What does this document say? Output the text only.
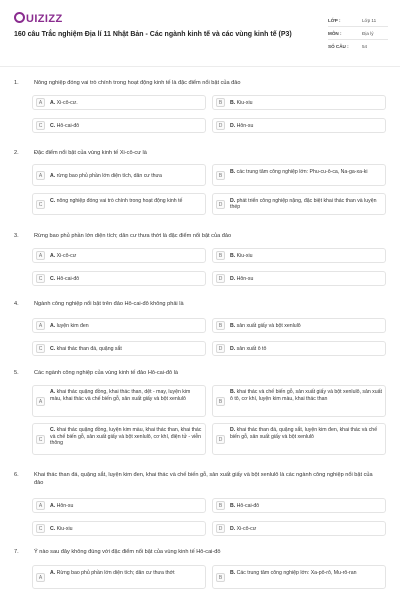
UIZIZZ
160 câu Trắc nghiệm Địa lí 11 Nhật Bản - Các ngành kinh tế và các vùng kinh tế (P3)
LỚP :	Lớp 11
MÔN :	Địa lý
SỐ CÂU :	54
1.	Nông nghiệp đóng vai trò chính trong hoạt động kinh tế là đặc điểm nổi bật của đảo
A	A. Xi-cô-cư.	B	B. Kiu-xiu
C	C. Hô-cai-đô	D	D. Hôn-su
2.	Đặc điểm nổi bật của vùng kinh tế Xi-cô-cư là
A	A. rừng bao phủ phần lớn diện tích, dân cư thưa	B
B. các trung tâm công nghiệp lớn: Phu-cu-ô-ca, Na-ga-xa-ki
C
C. nông nghiệp đóng vai trò chính trong hoạt động kinh tế
D
D. phát triển công nghiệp nặng, đặc biệt khai thác than và luyện thép
3.	Rừng bao phủ phần lớn diện tích; dân cư thưa thớt là đặc điểm nổi bật của đảo
A	A. Xi-cô-cư	B	B. Kiu-xiu
C	C. Hô-cai-đô	D	D. Hôn-su
4.	Ngành công nghiệp nổi bật trên đảo Hô-cai-đô không phải là
A	A. luyện kim đen	B	B. sản xuất giấy và bột xenlulô
C	C. khai thác than đá, quặng sắt	D	D. sản xuất ô tô
5.	Các ngành công nghiệp của vùng kinh tế đảo Hô-cai-đô là
A
A. khai thác quặng đồng, khai thác than, dệt - may, luyện kim màu, khai thác và chế biến gỗ, sản xuất giấy và bột xenlulô
B
B. khai thác và chế biến gỗ, sản xuất giấy và bột xenlulô, sản xuất ô tô, cơ khí, luyện kim màu, khai thác than
C
C. khai thác quặng đồng, luyện kim màu, khai thác than, khai thác và chế biến gỗ, sản xuất giấy và bột xenlulô, cơ khí, điện tử - viễn thông
D
D. khai thác than đá, quặng sắt, luyện kim đen, khai thác và chế biến gỗ, sản xuất giấy và bột xenlulô
6.	Khai thác than đá, quặng sắt, luyện kim đen, khai thác và chế biến gỗ, sản xuất giấy và bột xenlulô là các ngành công nghiệp nổi bật của đảo
A	A. Hôn-su	B	B. Hô-cai-đô
C	C. Kiu-xiu	D	D. Xi-cô-cư
7.	Ý nào sau đây không đúng với đặc điểm nổi bật của vùng kinh tế Hô-cai-đô
A
A. Rừng bao phủ phần lớn diện tích; dân cư thưa thớt
B
B. Các trung tâm công nghiệp lớn: Xa-pô-rô, Mu-rô-ran
